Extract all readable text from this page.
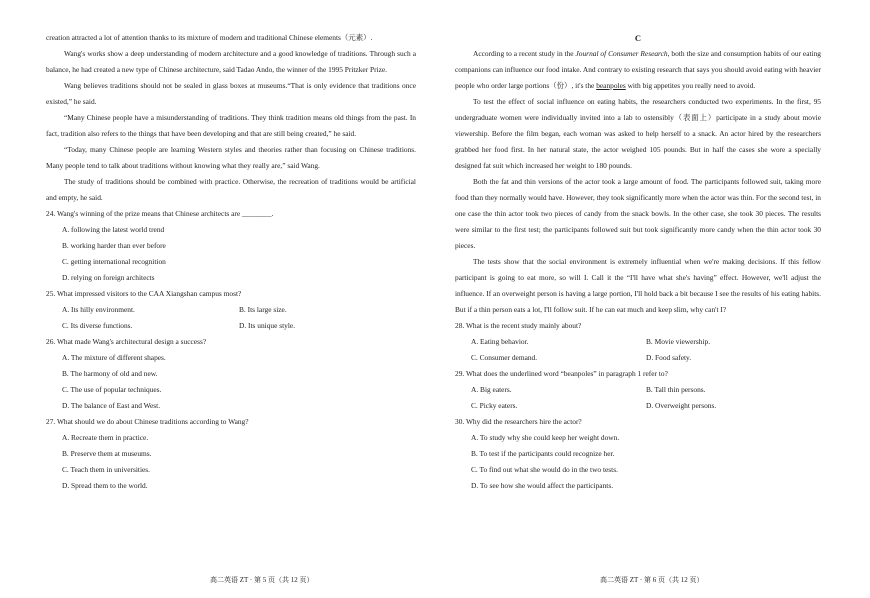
creation attracted a lot of attention thanks to its mixture of modern and traditional Chinese elements（元素）.

Wang's works show a deep understanding of modern architecture and a good knowledge of traditions. Through such a balance, he had created a new type of Chinese architecture, said Tadao Ando, the winner of the 1995 Pritzker Prize.

Wang believes traditions should not be sealed in glass boxes at museums.“That is only evidence that traditions once existed,” he said.

“Many Chinese people have a misunderstanding of traditions. They think tradition means old things from the past. In fact, tradition also refers to the things that have been developing and that are still being created,” he said.

“Today, many Chinese people are learning Western styles and theories rather than focusing on Chinese traditions. Many people tend to talk about traditions without knowing what they really are,” said Wang.

The study of traditions should be combined with practice. Otherwise, the recreation of traditions would be artificial and empty, he said.

24. Wang's winning of the prize means that Chinese architects are ________.

A. following the latest world trend

B. working harder than ever before

C. getting international recognition

D. relying on foreign architects

25. What impressed visitors to the CAA Xiangshan campus most?

A. Its hilly environment.	B. Its large size.
C. Its diverse functions.	D. Its unique style.

26. What made Wang's architectural design a success?

A. The mixture of different shapes.

B. The harmony of old and new.

C. The use of popular techniques.

D. The balance of East and West.

27. What should we do about Chinese traditions according to Wang?

A. Recreate them in practice.

B. Preserve them at museums.

C. Teach them in universities.

D. Spread them to the world.

C

According to a recent study in the Journal of Consumer Research, both the size and consumption habits of our eating companions can influence our food intake. And contrary to existing research that says you should avoid eating with heavier people who order large portions（份）, it's the beanpoles with big appetites you really need to avoid.

To test the effect of social influence on eating habits, the researchers conducted two experiments. In the first, 95 undergraduate women were individually invited into a lab to ostensibly（表面上）participate in a study about movie viewership. Before the film began, each woman was asked to help herself to a snack. An actor hired by the researchers grabbed her food first. In her natural state, the actor weighed 105 pounds. But in half the cases she wore a specially designed fat suit which increased her weight to 180 pounds.

Both the fat and thin versions of the actor took a large amount of food. The participants followed suit, taking more food than they normally would have. However, they took significantly more when the actor was thin. For the second test, in one case the thin actor took two pieces of candy from the snack bowls. In the other case, she took 30 pieces. The results were similar to the first test; the participants followed suit but took significantly more candy when the thin actor took 30 pieces.

The tests show that the social environment is extremely influential when we're making decisions. If this fellow participant is going to eat more, so will I. Call it the “I'll have what she's having” effect. However, we'll adjust the influence. If an overweight person is having a large portion, I'll hold back a bit because I see the results of his eating habits. But if a thin person eats a lot, I'll follow suit. If he can eat much and keep slim, why can't I?

28. What is the recent study mainly about?

A. Eating behavior.	B. Movie viewership.
C. Consumer demand.	D. Food safety.

29. What does the underlined word “beanpoles” in paragraph 1 refer to?

A. Big eaters.	B. Tall thin persons.
C. Picky eaters.	D. Overweight persons.

30. Why did the researchers hire the actor?

A. To study why she could keep her weight down.

B. To test if the participants could recognize her.

C. To find out what she would do in the two tests.

D. To see how she would affect the participants.

高二英语 ZT · 第 5 页（共 12 页）	高二英语 ZT · 第 6 页（共 12 页）
